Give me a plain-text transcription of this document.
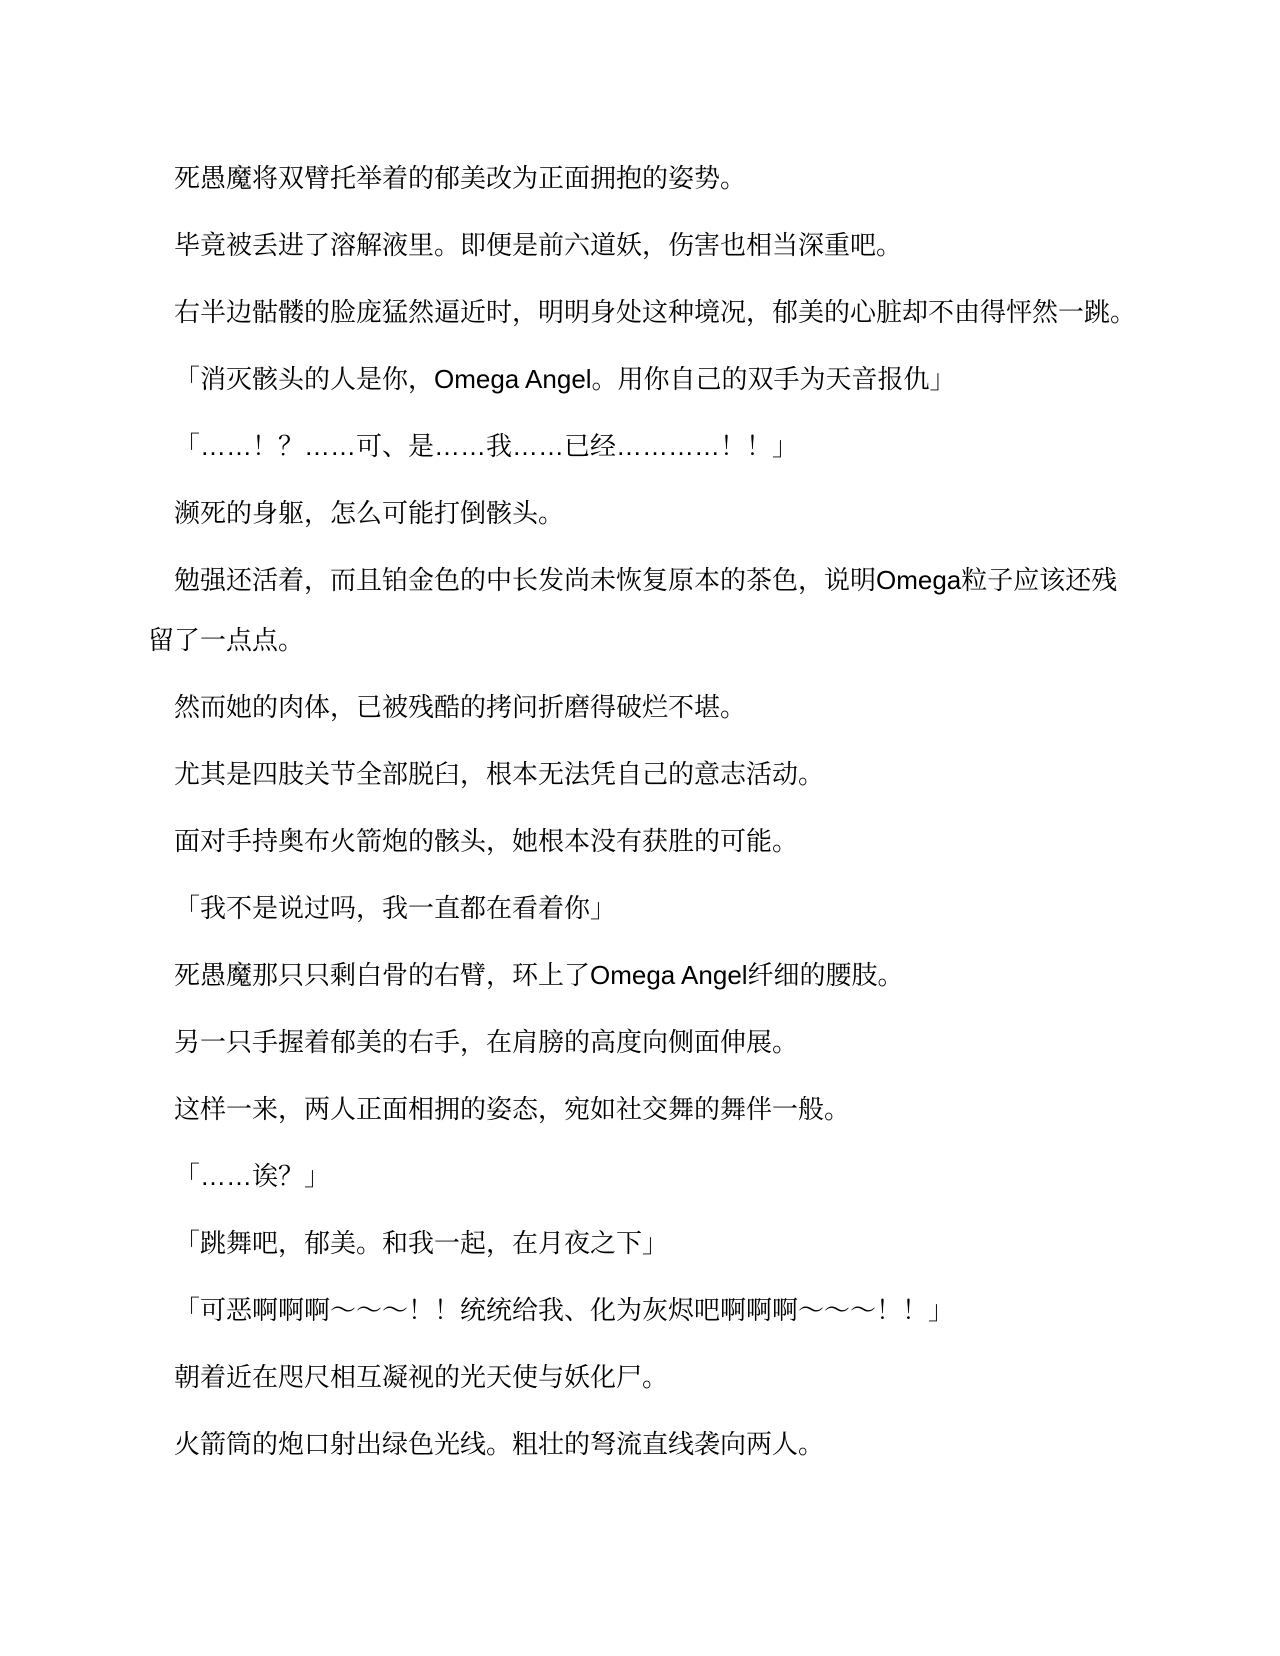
死愚魔将双臂托举着的郁美改为正面拥抱的姿势。

毕竟被丢进了溶解液里。即便是前六道妖，伤害也相当深重吧。

右半边骷髅的脸庞猛然逼近时，明明身处这种境况，郁美的心脏却不由得怦然一跳。

「消灭骸头的人是你，Omega Angel。用你自己的双手为天音报仇」

「……！？……可、是……我……已经…………！！」

濒死的身躯，怎么可能打倒骸头。

勉强还活着，而且铂金色的中长发尚未恢复原本的茶色，说明Omega粒子应该还残留了一点点。

然而她的肉体，已被残酷的拷问折磨得破烂不堪。

尤其是四肢关节全部脱臼，根本无法凭自己的意志活动。

面对手持奥布火箭炮的骸头，她根本没有获胜的可能。

「我不是说过吗，我一直都在看着你」

死愚魔那只只剩白骨的右臂，环上了Omega Angel纤细的腰肢。

另一只手握着郁美的右手，在肩膀的高度向侧面伸展。

这样一来，两人正面相拥的姿态，宛如社交舞的舞伴一般。

「……诶？」

「跳舞吧，郁美。和我一起，在月夜之下」

「可恶啊啊啊～～～！！统统给我、化为灰烬吧啊啊啊～～～！！」

朝着近在咫尺相互凝视的光天使与妖化尸。

火箭筒的炮口射出绿色光线。粗壮的弩流直线袭向两人。
